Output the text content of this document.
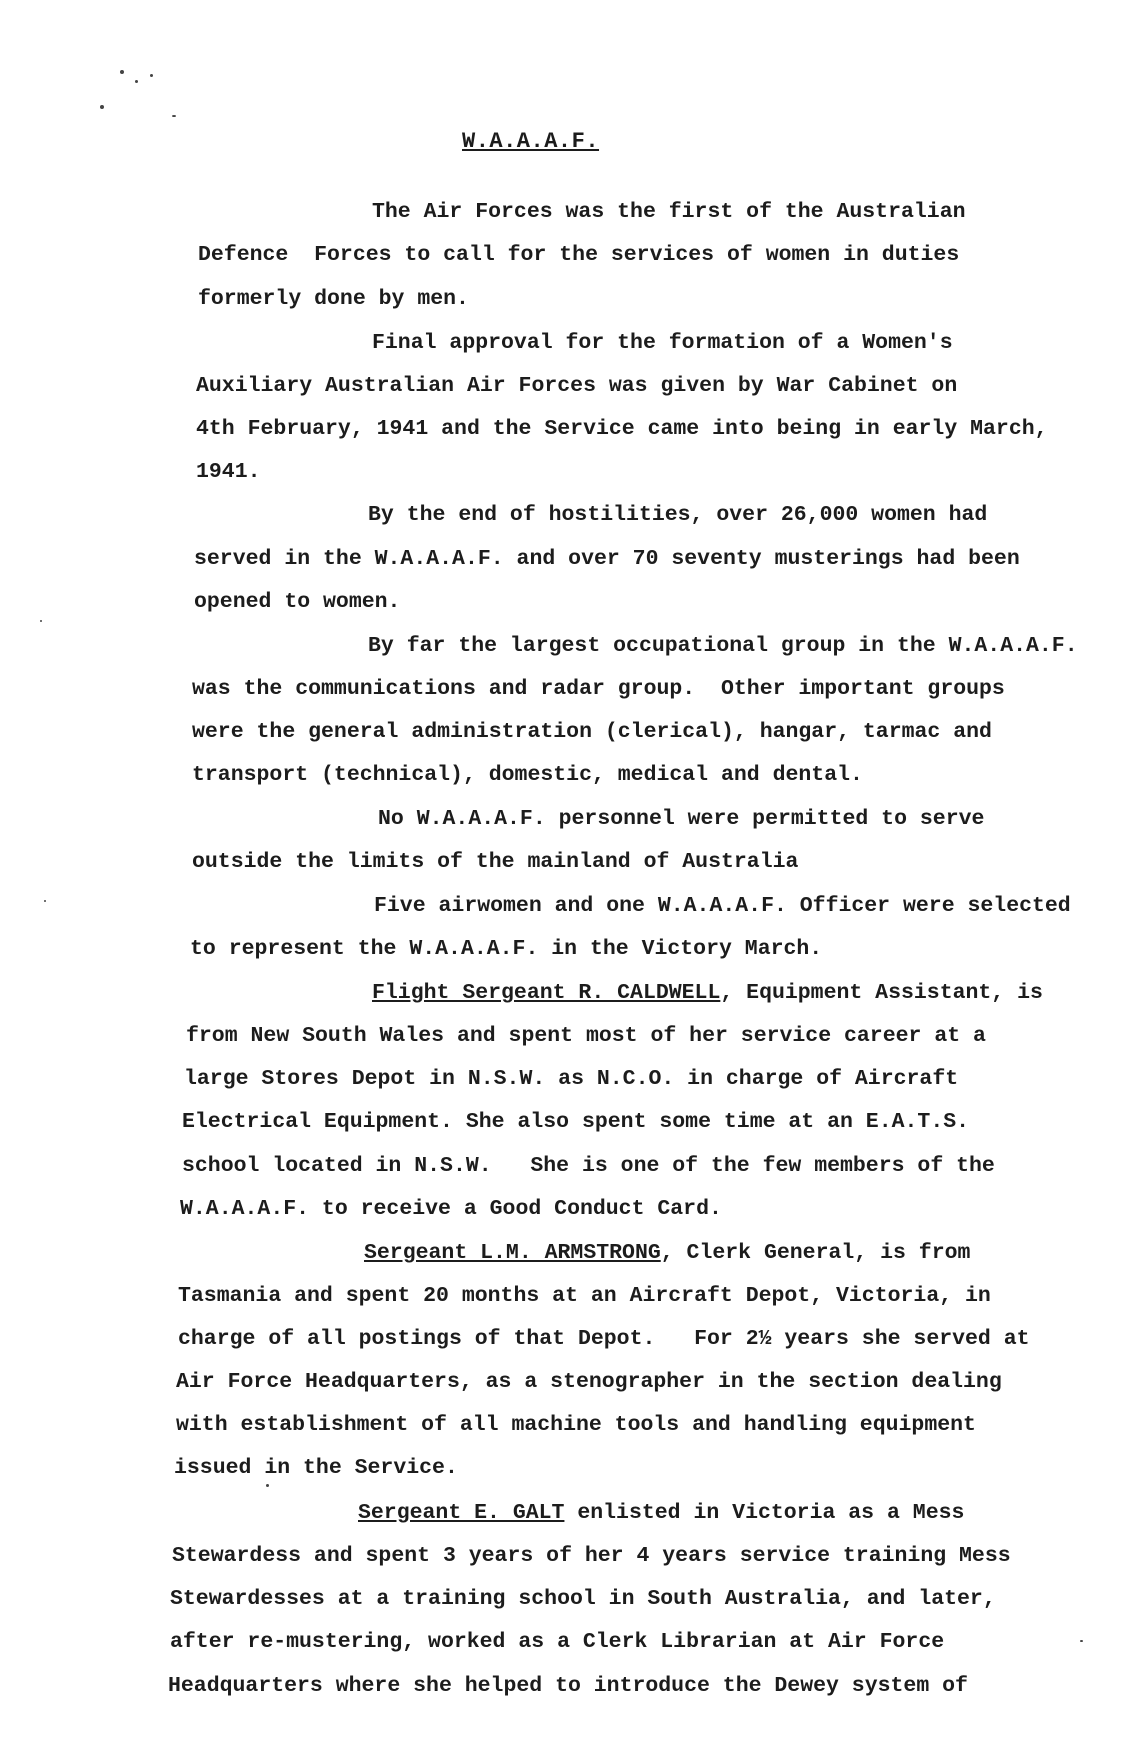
W.A.A.A.F.
The Air Forces was the first of the Australian
Defence  Forces to call for the services of women in duties
formerly done by men.
Final approval for the formation of a Women's
Auxiliary Australian Air Forces was given by War Cabinet on
4th February, 1941 and the Service came into being in early March,
1941.
By the end of hostilities, over 26,000 women had
served in the W.A.A.A.F. and over 70 seventy musterings had been
opened to women.
By far the largest occupational group in the W.A.A.A.F.
was the communications and radar group.  Other important groups
were the general administration (clerical), hangar, tarmac and
transport (technical), domestic, medical and dental.
No W.A.A.A.F. personnel were permitted to serve
outside the limits of the mainland of Australia
Five airwomen and one W.A.A.A.F. Officer were selected
to represent the W.A.A.A.F. in the Victory March.
Flight Sergeant R. CALDWELL, Equipment Assistant, is
from New South Wales and spent most of her service career at a
large Stores Depot in N.S.W. as N.C.O. in charge of Aircraft
Electrical Equipment. She also spent some time at an E.A.T.S.
school located in N.S.W.   She is one of the few members of the
W.A.A.A.F. to receive a Good Conduct Card.
Sergeant L.M. ARMSTRONG, Clerk General, is from
Tasmania and spent 20 months at an Aircraft Depot, Victoria, in
charge of all postings of that Depot.   For 2½ years she served at
Air Force Headquarters, as a stenographer in the section dealing
with establishment of all machine tools and handling equipment
issued in the Service.
Sergeant E. GALT enlisted in Victoria as a Mess
Stewardess and spent 3 years of her 4 years service training Mess
Stewardesses at a training school in South Australia, and later,
after re-mustering, worked as a Clerk Librarian at Air Force
Headquarters where she helped to introduce the Dewey system of
